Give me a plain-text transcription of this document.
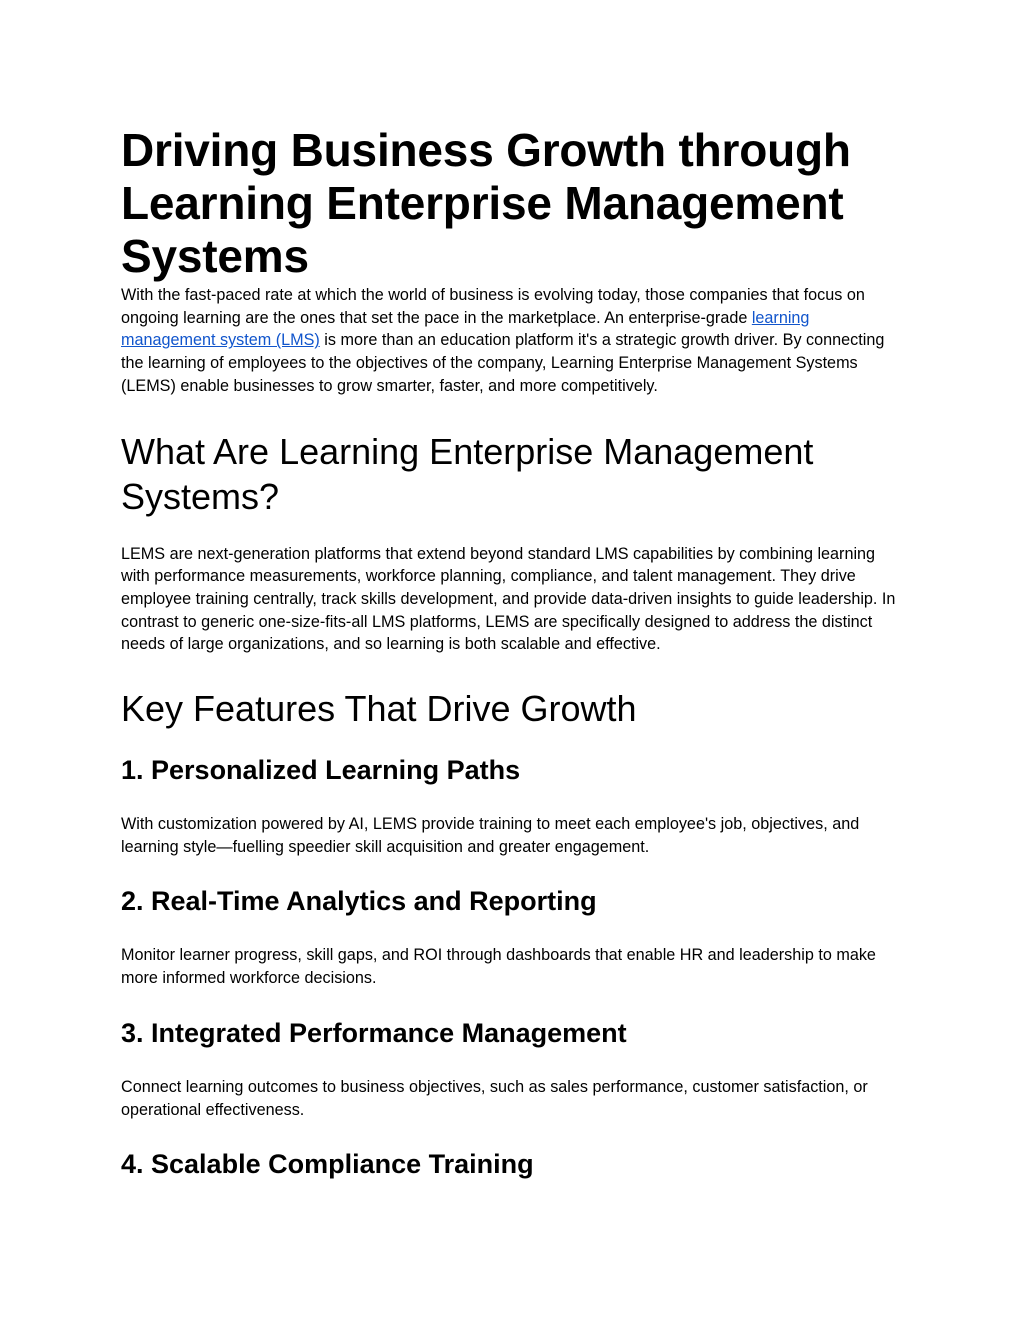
Driving Business Growth through Learning Enterprise Management Systems

With the fast-paced rate at which the world of business is evolving today, those companies that focus on ongoing learning are the ones that set the pace in the marketplace. An enterprise-grade learning management system (LMS) is more than an education platform it's a strategic growth driver. By connecting the learning of employees to the objectives of the company, Learning Enterprise Management Systems (LEMS) enable businesses to grow smarter, faster, and more competitively.

What Are Learning Enterprise Management Systems?

LEMS are next-generation platforms that extend beyond standard LMS capabilities by combining learning with performance measurements, workforce planning, compliance, and talent management. They drive employee training centrally, track skills development, and provide data-driven insights to guide leadership. In contrast to generic one-size-fits-all LMS platforms, LEMS are specifically designed to address the distinct needs of large organizations, and so learning is both scalable and effective.

Key Features That Drive Growth
1. Personalized Learning Paths

With customization powered by AI, LEMS provide training to meet each employee's job, objectives, and learning style—fuelling speedier skill acquisition and greater engagement.

2. Real-Time Analytics and Reporting

Monitor learner progress, skill gaps, and ROI through dashboards that enable HR and leadership to make more informed workforce decisions.

3. Integrated Performance Management

Connect learning outcomes to business objectives, such as sales performance, customer satisfaction, or operational effectiveness.

4. Scalable Compliance Training
